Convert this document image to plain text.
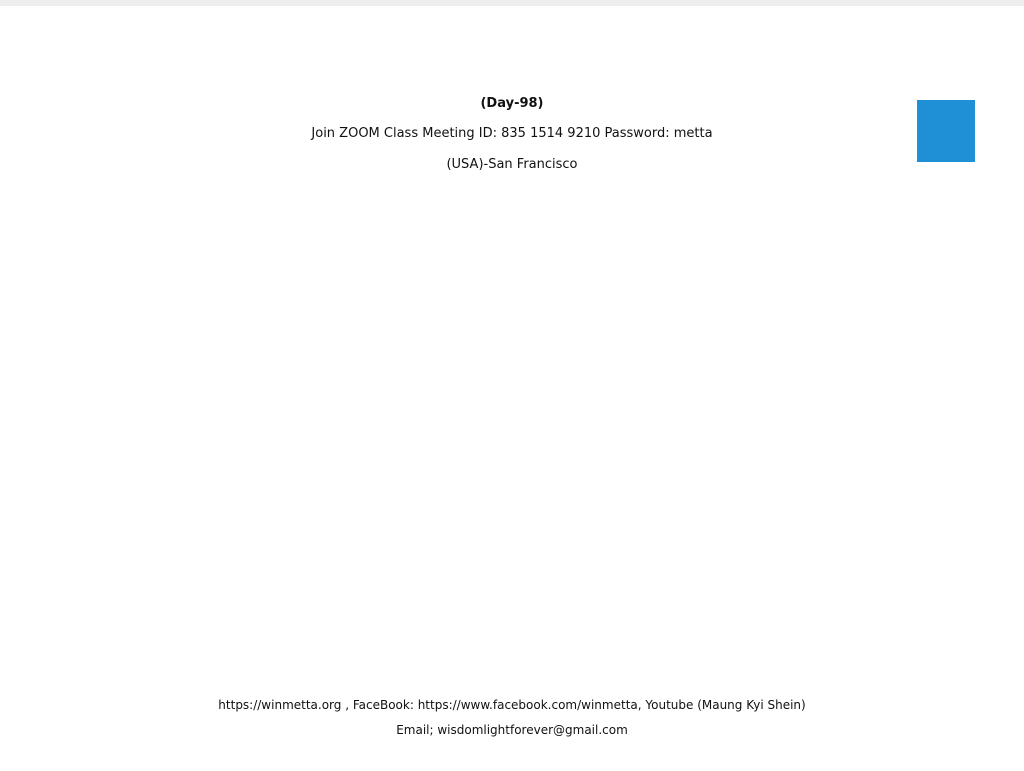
(Day-98)
Join ZOOM Class Meeting ID: 835 1514 9210 Password: metta
(USA)-San Francisco
https://winmetta.org , FaceBook: https://www.facebook.com/winmetta, Youtube (Maung Kyi Shein)
Email; wisdomlightforever@gmail.com
